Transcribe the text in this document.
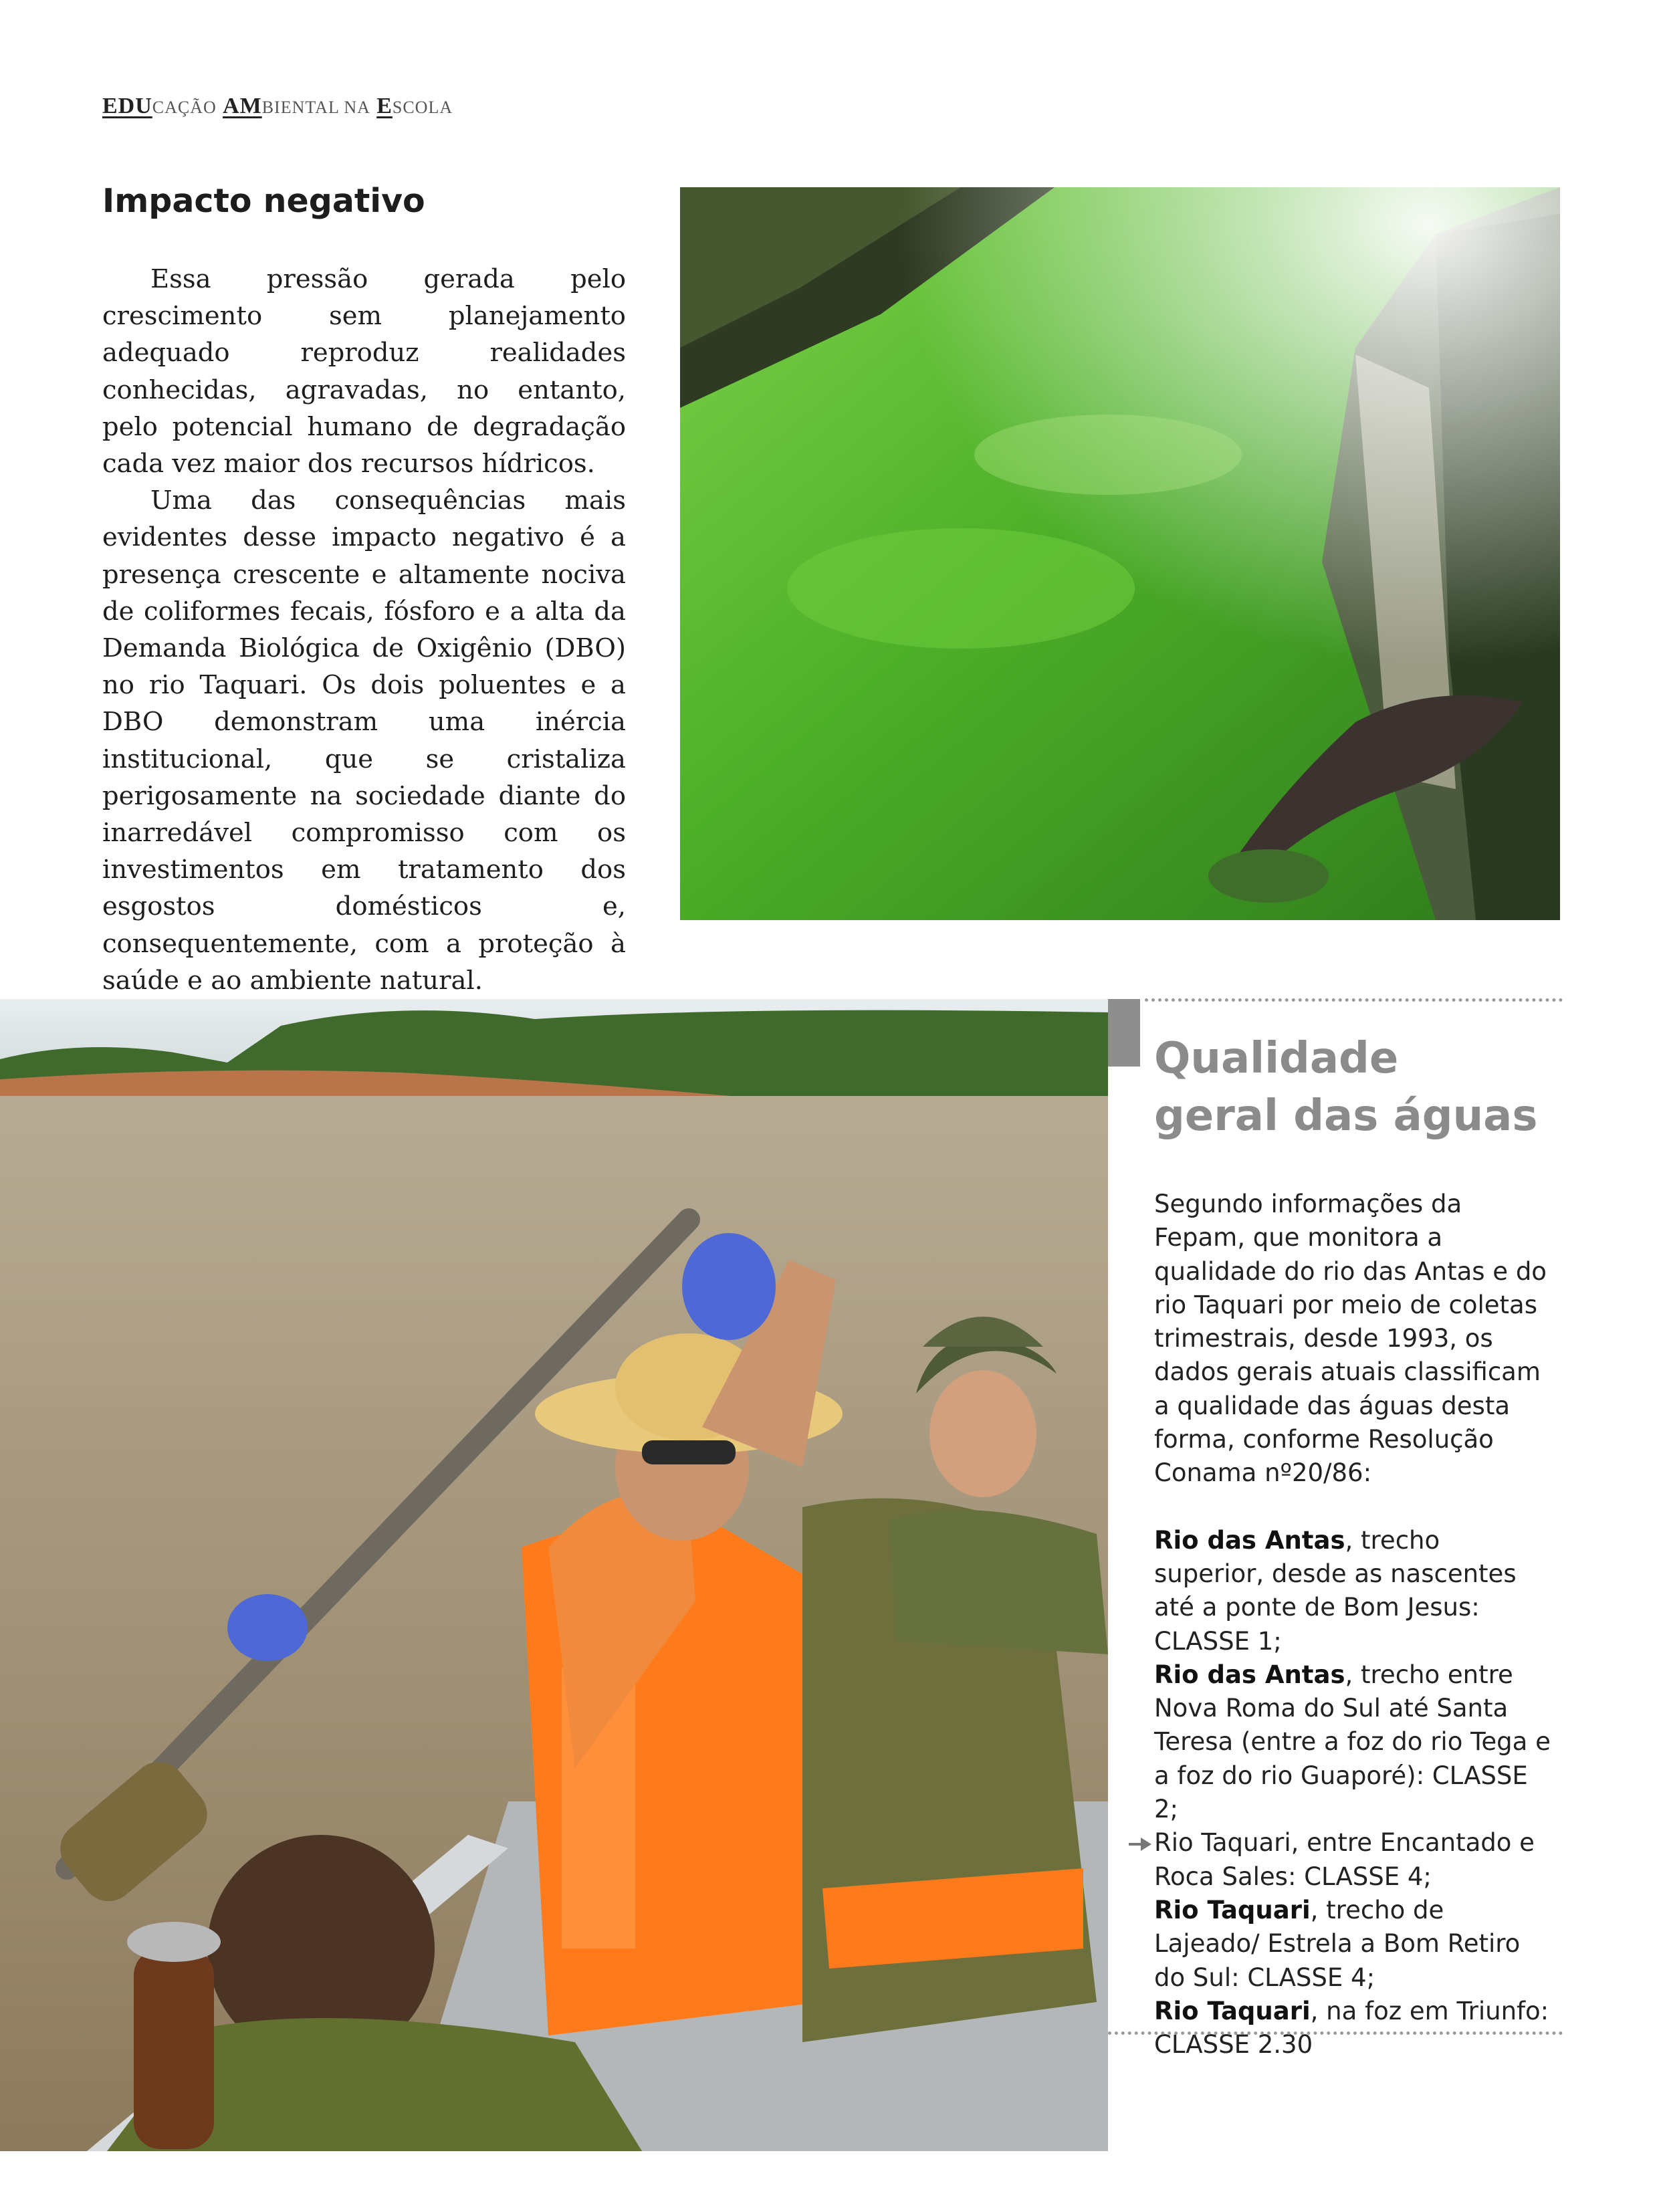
EDUCAÇÃO AMBIENTAL NA ESCOLA
Impacto negativo

Essa pressão gerada pelo crescimento sem planejamento adequado reproduz realidades conhecidas, agravadas, no entanto, pelo potencial humano de degradação cada vez maior dos recursos hídricos.

Uma das consequências mais evidentes desse impacto negativo é a presença crescente e altamente nociva de coliformes fecais, fósforo e a alta da Demanda Biológica de Oxigênio (DBO) no rio Taquari. Os dois poluentes e a DBO demonstram uma inércia institucional, que se cristaliza perigosamente na sociedade diante do inarredável compromisso com os investimentos em tratamento dos esgostos domésticos e, consequentemente, com a proteção à saúde e ao ambiente natural.

Qualidade
geral das águas

Segundo informações da Fepam, que monitora a qualidade do rio das Antas e do rio Taquari por meio de coletas trimestrais, desde 1993, os dados gerais atuais classificam a qualidade das águas desta forma, conforme Resolução Conama nº20/86:

Rio das Antas, trecho superior, desde as nascentes até a ponte de Bom Jesus: CLASSE 1;

Rio das Antas, trecho entre Nova Roma do Sul até Santa Teresa (entre a foz do rio Tega e a foz do rio Guaporé): CLASSE 2;

Rio Taquari, entre Encantado e Roca Sales: CLASSE 4;

Rio Taquari, trecho de Lajeado/ Estrela a Bom Retiro do Sul: CLASSE 4;

Rio Taquari, na foz em Triunfo: CLASSE 2.30
